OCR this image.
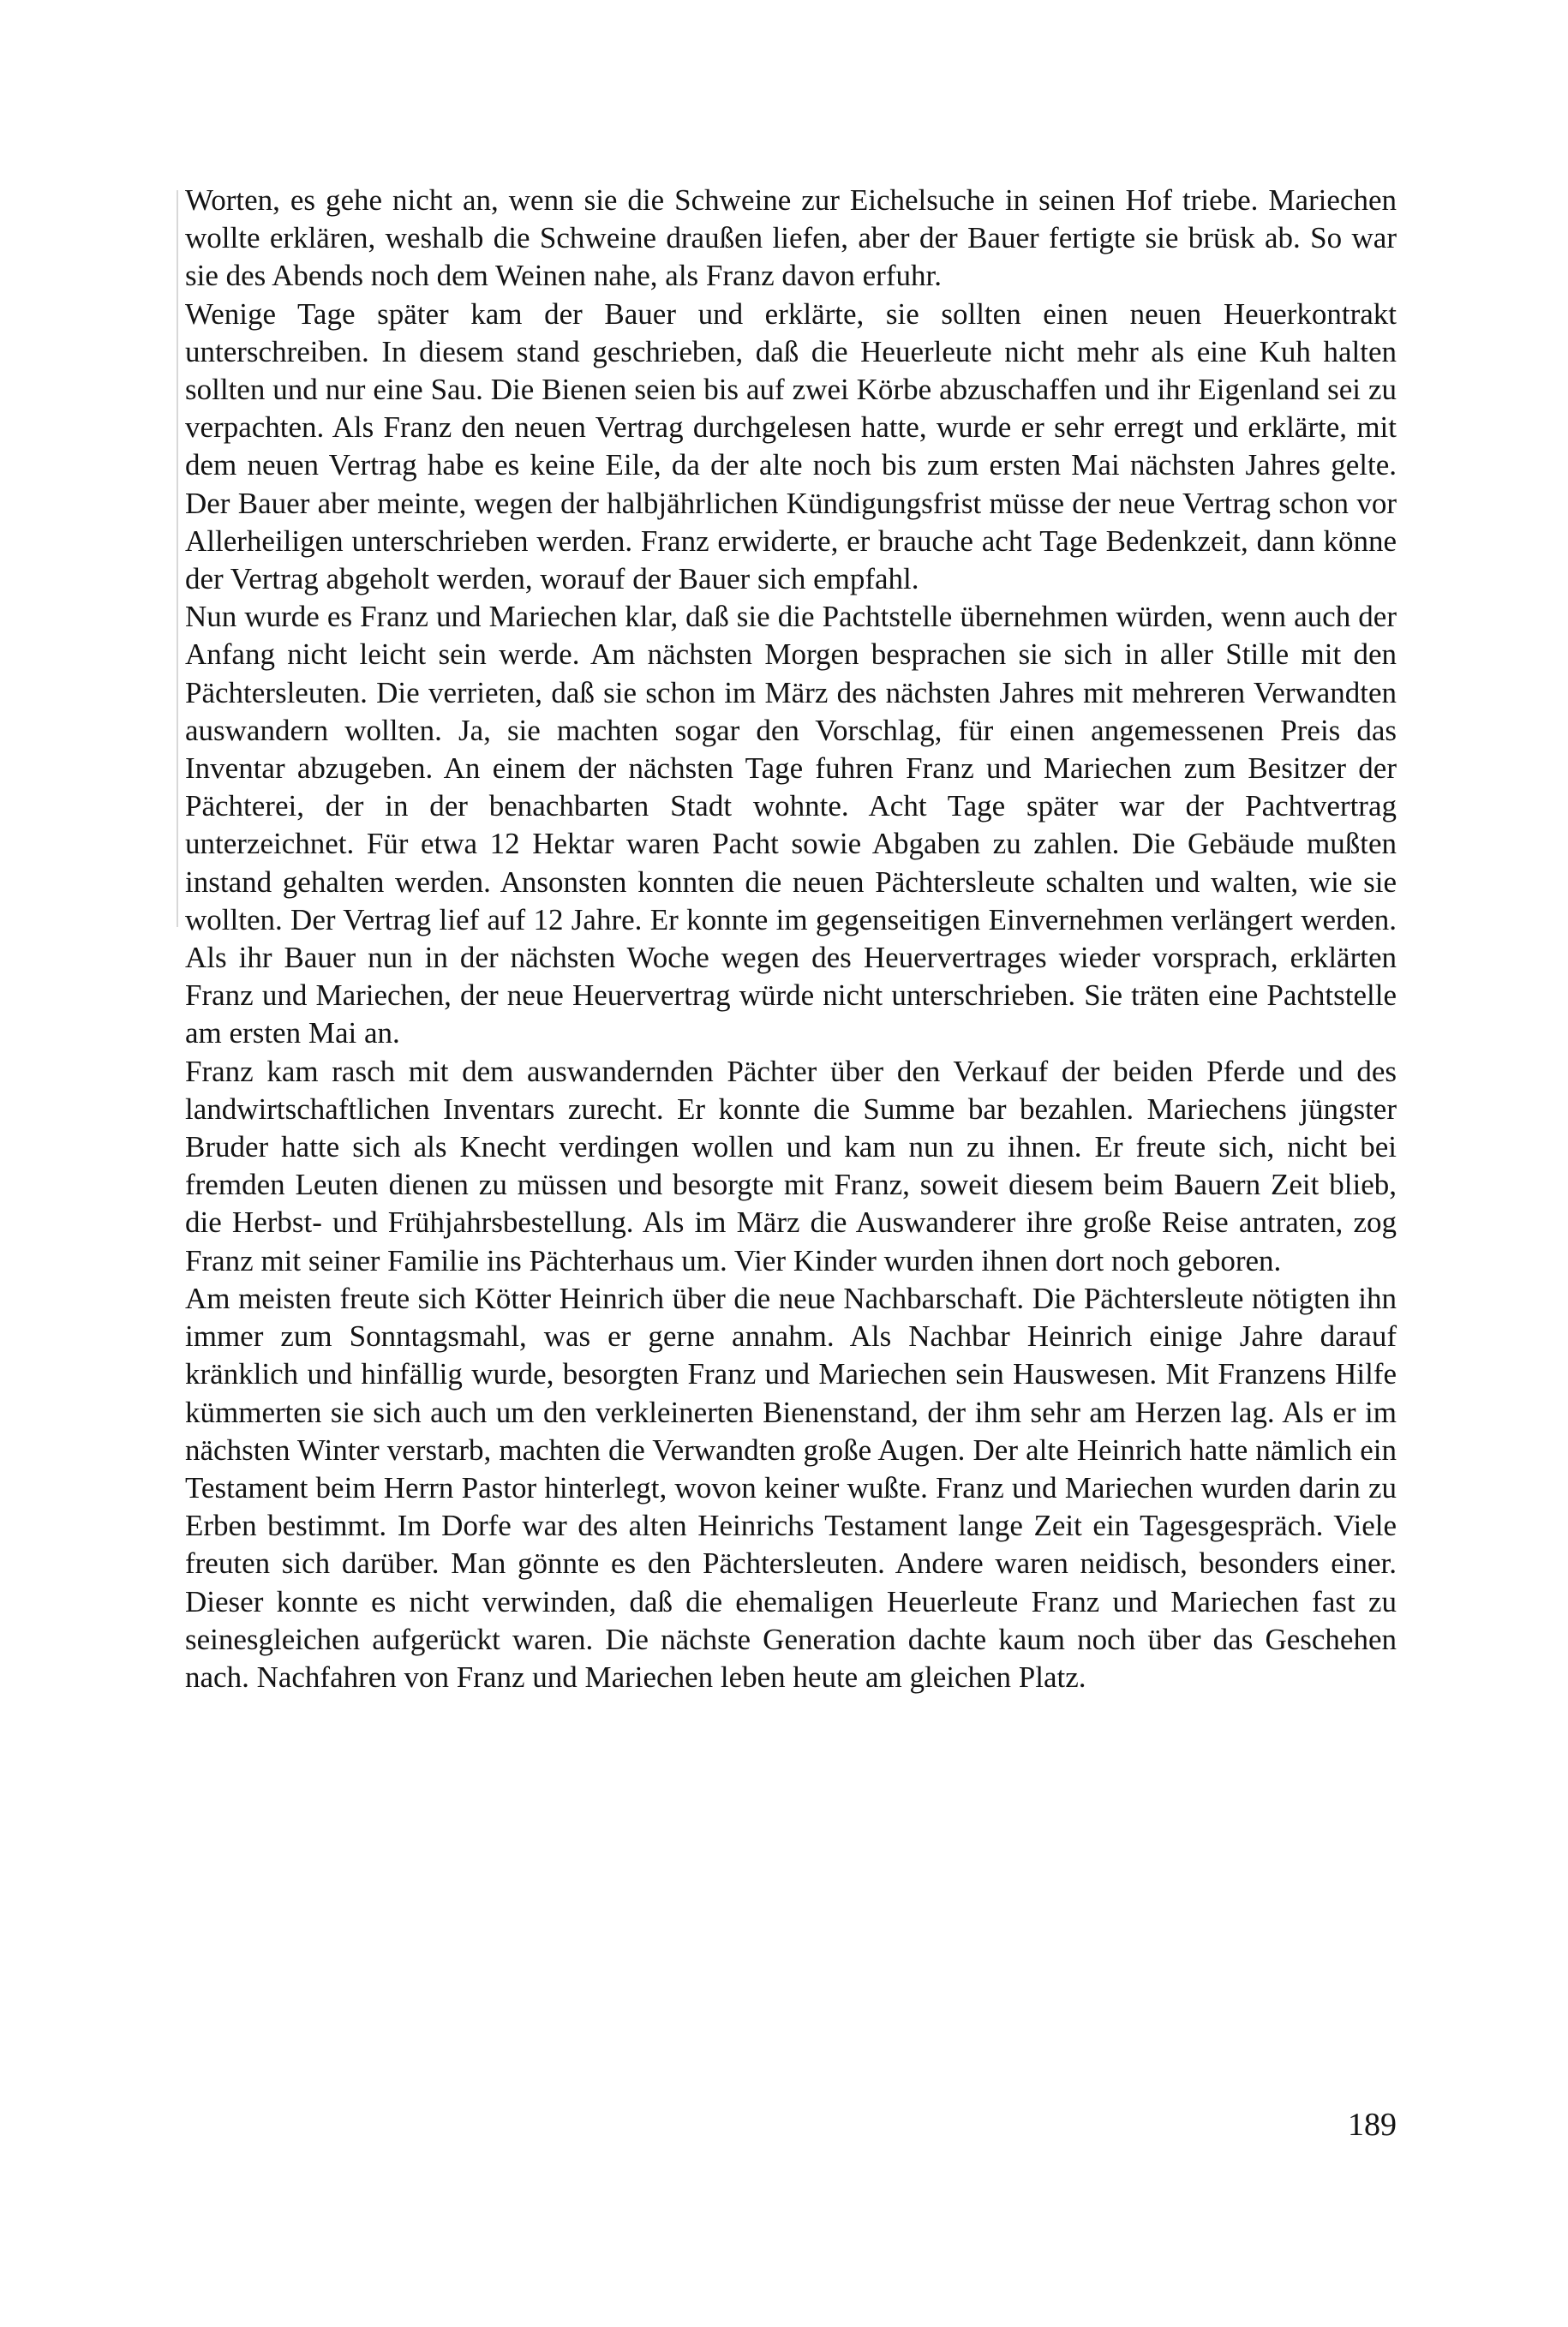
Worten, es gehe nicht an, wenn sie die Schweine zur Eichelsuche in seinen Hof triebe. Mariechen wollte erklären, weshalb die Schweine draußen liefen, aber der Bauer fertigte sie brüsk ab. So war sie des Abends noch dem Weinen nahe, als Franz davon erfuhr.

Wenige Tage später kam der Bauer und erklärte, sie sollten einen neuen Heuerkontrakt unterschreiben. In diesem stand geschrieben, daß die Heuerleute nicht mehr als eine Kuh halten sollten und nur eine Sau. Die Bienen seien bis auf zwei Körbe abzuschaffen und ihr Eigenland sei zu verpachten. Als Franz den neuen Vertrag durchgelesen hatte, wurde er sehr erregt und erklärte, mit dem neuen Vertrag habe es keine Eile, da der alte noch bis zum ersten Mai nächsten Jahres gelte. Der Bauer aber meinte, wegen der halbjährlichen Kündigungsfrist müsse der neue Vertrag schon vor Allerheiligen unterschrieben werden. Franz erwiderte, er brauche acht Tage Bedenkzeit, dann könne der Vertrag abgeholt werden, worauf der Bauer sich empfahl.

Nun wurde es Franz und Mariechen klar, daß sie die Pachtstelle übernehmen würden, wenn auch der Anfang nicht leicht sein werde. Am nächsten Morgen besprachen sie sich in aller Stille mit den Pächtersleuten. Die verrieten, daß sie schon im März des nächsten Jahres mit mehreren Verwandten auswandern wollten. Ja, sie machten sogar den Vorschlag, für einen angemessenen Preis das Inventar abzugeben. An einem der nächsten Tage fuhren Franz und Mariechen zum Besitzer der Pächterei, der in der benachbarten Stadt wohnte. Acht Tage später war der Pachtvertrag unterzeichnet. Für etwa 12 Hektar waren Pacht sowie Abgaben zu zahlen. Die Gebäude mußten instand gehalten werden. Ansonsten konnten die neuen Pächtersleute schalten und walten, wie sie wollten. Der Vertrag lief auf 12 Jahre. Er konnte im gegenseitigen Einvernehmen verlängert werden. Als ihr Bauer nun in der nächsten Woche wegen des Heuervertrages wieder vorsprach, erklärten Franz und Mariechen, der neue Heuervertrag würde nicht unterschrieben. Sie träten eine Pachtstelle am ersten Mai an.

Franz kam rasch mit dem auswandernden Pächter über den Verkauf der beiden Pferde und des landwirtschaftlichen Inventars zurecht. Er konnte die Summe bar bezahlen. Mariechens jüngster Bruder hatte sich als Knecht verdingen wollen und kam nun zu ihnen. Er freute sich, nicht bei fremden Leuten dienen zu müssen und besorgte mit Franz, soweit diesem beim Bauern Zeit blieb, die Herbst- und Frühjahrsbestellung. Als im März die Auswanderer ihre große Reise antraten, zog Franz mit seiner Familie ins Pächterhaus um. Vier Kinder wurden ihnen dort noch geboren.

Am meisten freute sich Kötter Heinrich über die neue Nachbarschaft. Die Pächtersleute nötigten ihn immer zum Sonntagsmahl, was er gerne annahm. Als Nachbar Heinrich einige Jahre darauf kränklich und hinfällig wurde, besorgten Franz und Mariechen sein Hauswesen. Mit Franzens Hilfe kümmerten sie sich auch um den verkleinerten Bienenstand, der ihm sehr am Herzen lag. Als er im nächsten Winter verstarb, machten die Verwandten große Augen. Der alte Heinrich hatte nämlich ein Testament beim Herrn Pastor hinterlegt, wovon keiner wußte. Franz und Mariechen wurden darin zu Erben bestimmt. Im Dorfe war des alten Heinrichs Testament lange Zeit ein Tagesgespräch. Viele freuten sich darüber. Man gönnte es den Pächtersleuten. Andere waren neidisch, besonders einer. Dieser konnte es nicht verwinden, daß die ehemaligen Heuerleute Franz und Mariechen fast zu seinesgleichen aufgerückt waren. Die nächste Generation dachte kaum noch über das Geschehen nach. Nachfahren von Franz und Mariechen leben heute am gleichen Platz.

189
